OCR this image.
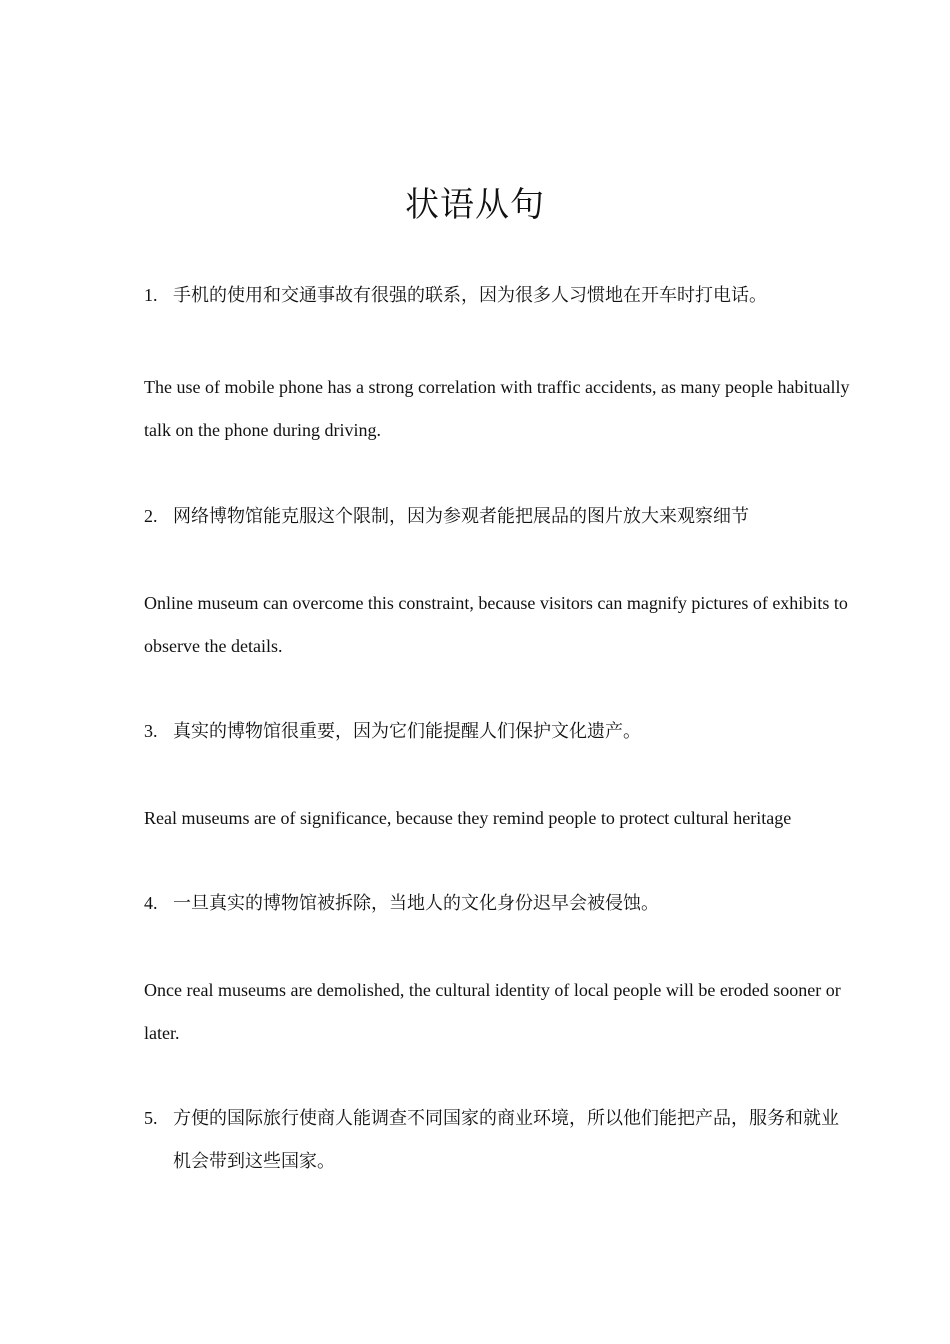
状语从句
1. 手机的使用和交通事故有很强的联系，因为很多人习惯地在开车时打电话。
The use of mobile phone has a strong correlation with traffic accidents, as many people habitually talk on the phone during driving.
2. 网络博物馆能克服这个限制，因为参观者能把展品的图片放大来观察细节
Online museum can overcome this constraint, because visitors can magnify pictures of exhibits to observe the details.
3. 真实的博物馆很重要，因为它们能提醒人们保护文化遗产。
Real museums are of significance, because they remind people to protect cultural heritage
4. 一旦真实的博物馆被拆除，当地人的文化身份迟早会被侵蚀。
Once real museums are demolished, the cultural identity of local people will be eroded sooner or later.
5. 方便的国际旅行使商人能调查不同国家的商业环境，所以他们能把产品，服务和就业机会带到这些国家。
